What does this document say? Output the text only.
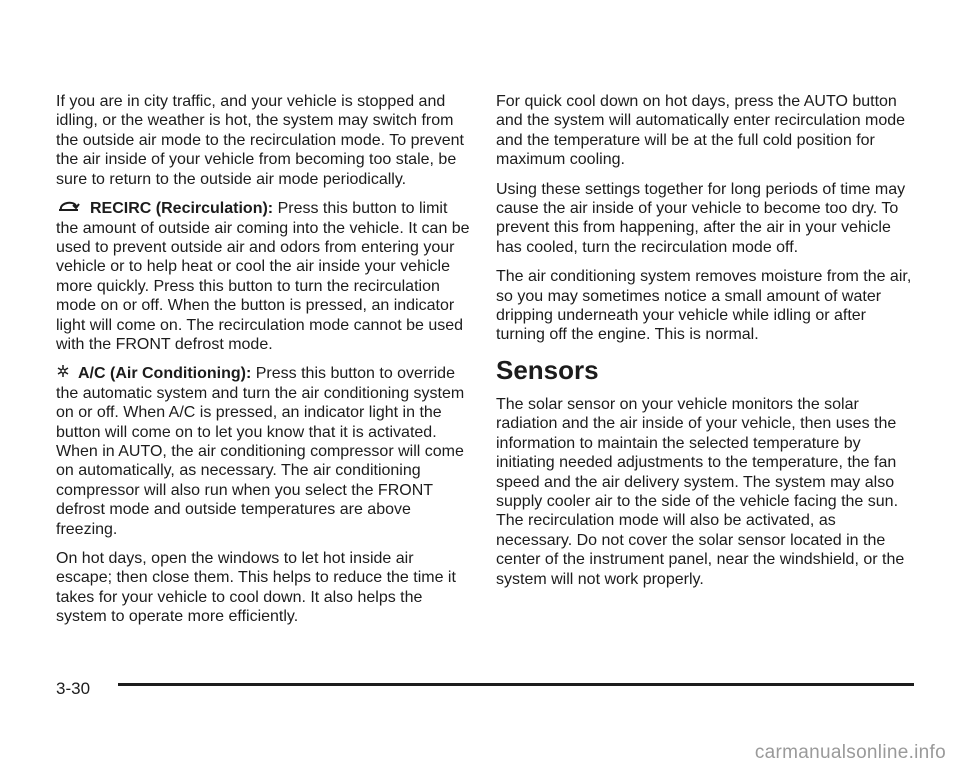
If you are in city traffic, and your vehicle is stopped and idling, or the weather is hot, the system may switch from the outside air mode to the recirculation mode. To prevent the air inside of your vehicle from becoming too stale, be sure to return to the outside air mode periodically.

RECIRC (Recirculation): Press this button to limit the amount of outside air coming into the vehicle. It can be used to prevent outside air and odors from entering your vehicle or to help heat or cool the air inside your vehicle more quickly. Press this button to turn the recirculation mode on or off. When the button is pressed, an indicator light will come on. The recirculation mode cannot be used with the FRONT defrost mode.

A/C (Air Conditioning): Press this button to override the automatic system and turn the air conditioning system on or off. When A/C is pressed, an indicator light in the button will come on to let you know that it is activated. When in AUTO, the air conditioning compressor will come on automatically, as necessary. The air conditioning compressor will also run when you select the FRONT defrost mode and outside temperatures are above freezing.

On hot days, open the windows to let hot inside air escape; then close them. This helps to reduce the time it takes for your vehicle to cool down. It also helps the system to operate more efficiently.

For quick cool down on hot days, press the AUTO button and the system will automatically enter recirculation mode and the temperature will be at the full cold position for maximum cooling.

Using these settings together for long periods of time may cause the air inside of your vehicle to become too dry. To prevent this from happening, after the air in your vehicle has cooled, turn the recirculation mode off.

The air conditioning system removes moisture from the air, so you may sometimes notice a small amount of water dripping underneath your vehicle while idling or after turning off the engine. This is normal.

Sensors

The solar sensor on your vehicle monitors the solar radiation and the air inside of your vehicle, then uses the information to maintain the selected temperature by initiating needed adjustments to the temperature, the fan speed and the air delivery system. The system may also supply cooler air to the side of the vehicle facing the sun. The recirculation mode will also be activated, as necessary. Do not cover the solar sensor located in the center of the instrument panel, near the windshield, or the system will not work properly.

3-30
carmanualsonline.info
